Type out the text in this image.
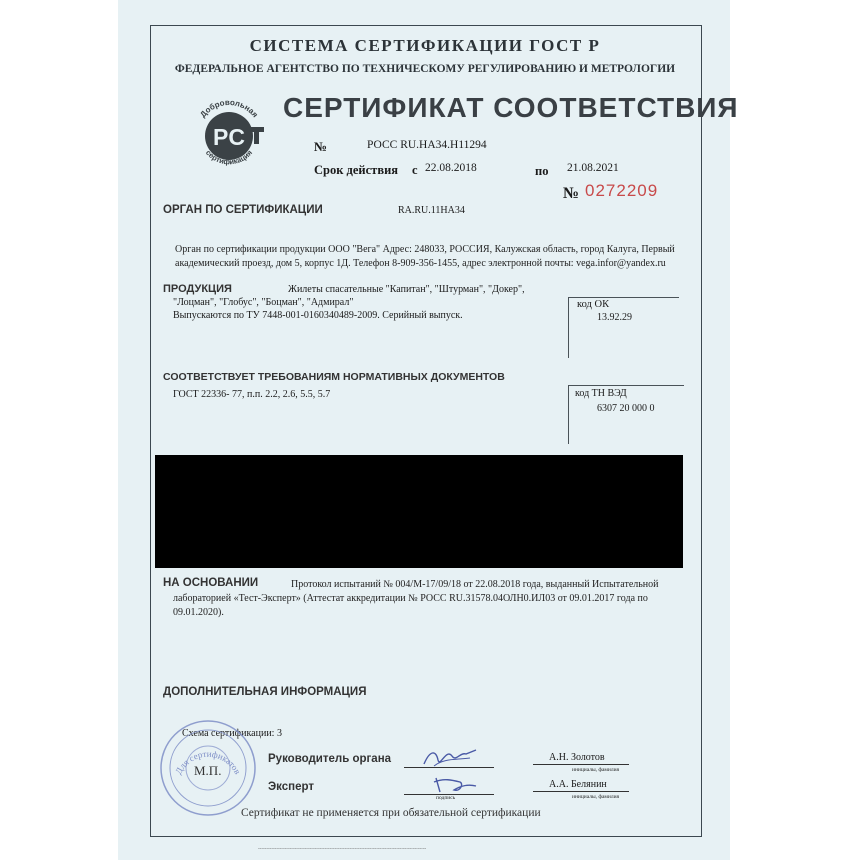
СИСТЕМА СЕРТИФИКАЦИИ ГОСТ Р
ФЕДЕРАЛЬНОЕ АГЕНТСТВО ПО ТЕХНИЧЕСКОМУ РЕГУЛИРОВАНИЮ И МЕТРОЛОГИИ
PC
Добровольная
сертификация
СЕРТИФИКАТ СООТВЕТСТВИЯ
№	РОСС RU.НА34.Н11294
Срок действия с 22.08.2018	по 21.08.2021
№ 0272209
ОРГАН ПО СЕРТИФИКАЦИИ	RA.RU.11НА34
Орган по сертификации продукции ООО "Вега" Адрес: 248033, РОССИЯ, Калужская область, город Калуга, Первый академический проезд, дом 5, корпус 1Д. Телефон 8-909-356-1455, адрес электронной почты: vega.infor@yandex.ru
ПРОДУКЦИЯ	Жилеты спасательные "Капитан", "Штурман", "Докер",
"Лоцман", "Глобус", "Боцман", "Адмирал"
Выпускаются по ТУ 7448-001-0160340489-2009. Серийный выпуск.
код ОК
13.92.29
СООТВЕТСТВУЕТ ТРЕБОВАНИЯМ НОРМАТИВНЫХ ДОКУМЕНТОВ
ГОСТ 22336- 77, п.п. 2.2, 2.6, 5.5, 5.7	код ТН ВЭД
6307 20 000 0
НА ОСНОВАНИИ	Протокол испытаний № 004/М-17/09/18 от 22.08.2018 года, выданный Испытательной лабораторией «Тест-Эксперт» (Аттестат аккредитации № РОСС RU.31578.04ОЛН0.ИЛ03 от 09.01.2017 года по 09.01.2020).
ДОПОЛНИТЕЛЬНАЯ ИНФОРМАЦИЯ
Схема сертификации: 3
Для сертификатов
М.П.
Руководитель органа	А.Н. Золотов
инициалы, фамилия
Эксперт
подпись
А.А. Белянин
инициалы, фамилия
Сертификат не применяется при обязательной сертификации
-----------------------------------------------------------------------------------------------------
